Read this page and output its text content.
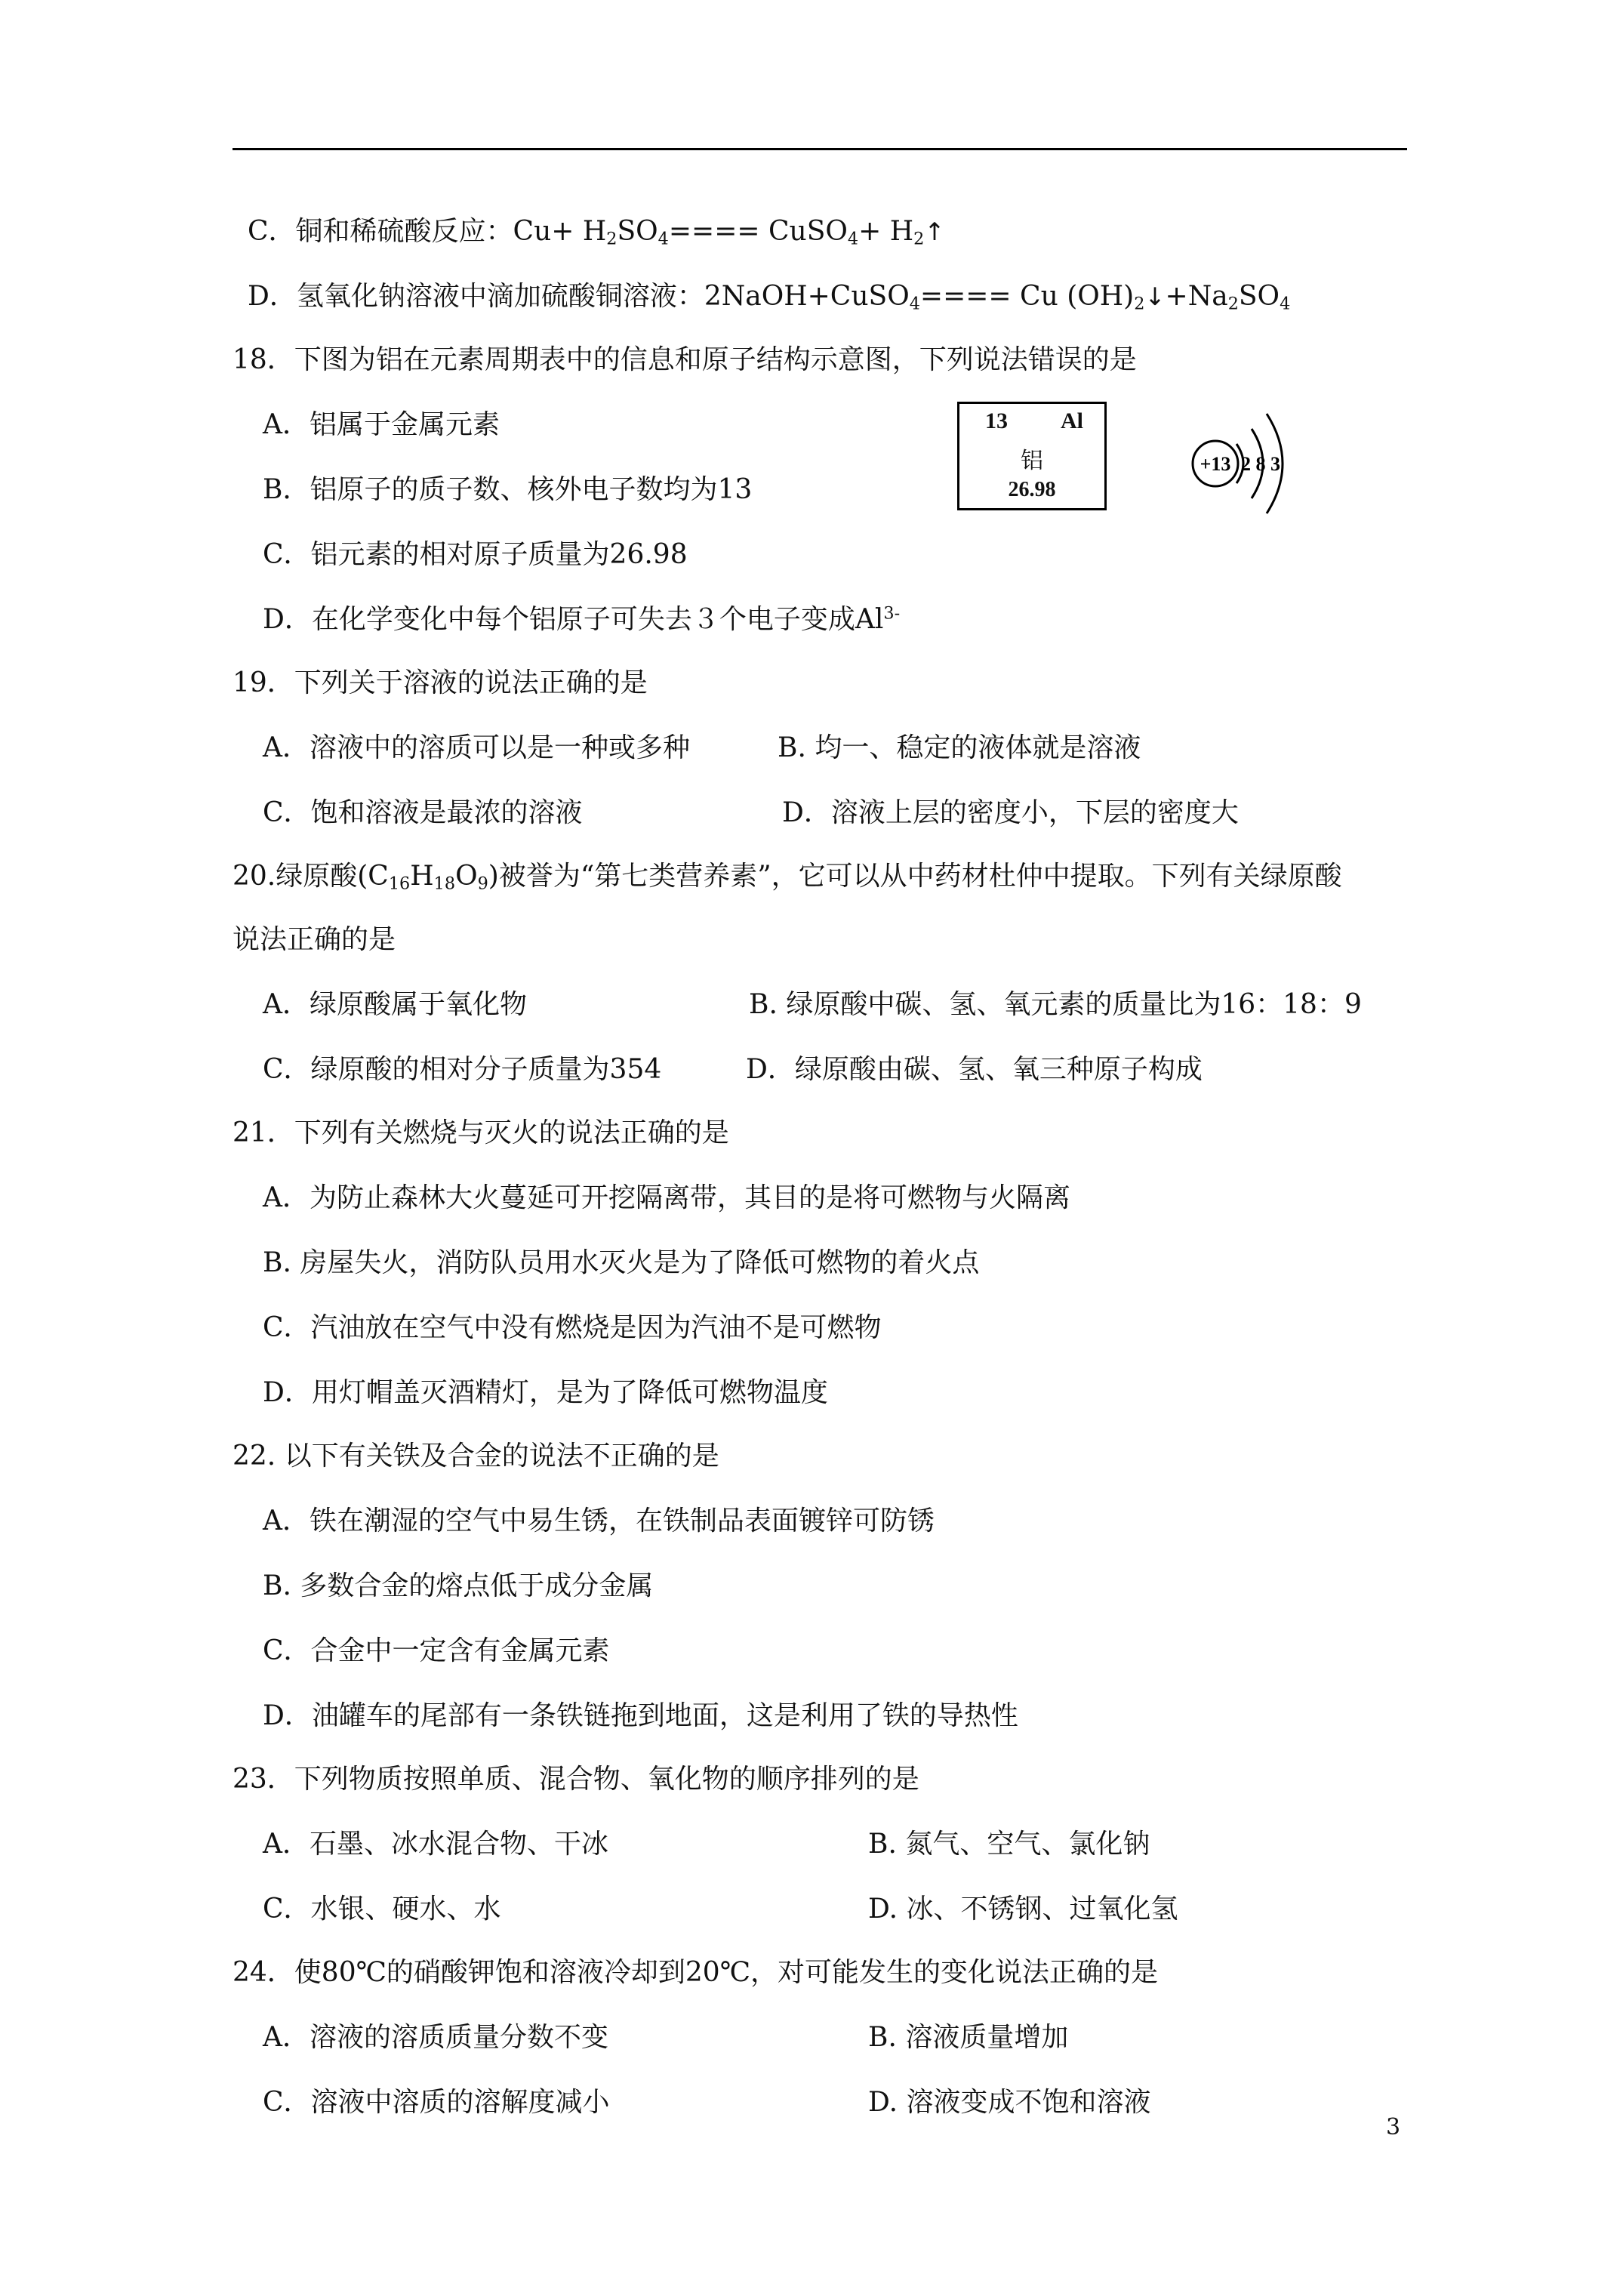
C．铜和稀硫酸反应：$Cu+ H_2SO_4====$ CuSO$_4$+ $H_2↑$
D．氢氧化钠溶液中滴加硫酸铜溶液：2NaOH+CuSO$_4$==== Cu $(OH)_2↓+Na_2SO_4$
18．下图为铝在元素周期表中的信息和原子结构示意图，下列说法错误的是
A．铝属于金属元素
B．铝原子的质子数、核外电子数均为13
C．铝元素的相对原子质量为26.98
D．在化学变化中每个铝原子可失去３个电子变成$Al^{3-}$
13 Al
铝
26.98
+13 2 8 3
19．下列关于溶液的说法正确的是
A．溶液中的溶质可以是一种或多种	B. 均一、稳定的液体就是溶液
C．饱和溶液是最浓的溶液	D．溶液上层的密度小，下层的密度大
20.绿原酸$(C_{16}H_{18}O_9)$被誉为“第七类营养素”，它可以从中药材杜仲中提取。下列有关绿原酸
说法正确的是
A．绿原酸属于氧化物	B. 绿原酸中碳、氢、氧元素的质量比为16：18：9
C．绿原酸的相对分子质量为354	D．绿原酸由碳、氢、氧三种原子构成
21．下列有关燃烧与灭火的说法正确的是
A．为防止森林大火蔓延可开挖隔离带，其目的是将可燃物与火隔离
B. 房屋失火，消防队员用水灭火是为了降低可燃物的着火点
C．汽油放在空气中没有燃烧是因为汽油不是可燃物
D．用灯帽盖灭酒精灯，是为了降低可燃物温度
22. 以下有关铁及合金的说法不正确的是
A．铁在潮湿的空气中易生锈，在铁制品表面镀锌可防锈
B. 多数合金的熔点低于成分金属
C．合金中一定含有金属元素
D．油罐车的尾部有一条铁链拖到地面，这是利用了铁的导热性
23．下列物质按照单质、混合物、氧化物的顺序排列的是
A．石墨、冰水混合物、干冰	B. 氮气、空气、氯化钠
C．水银、硬水、水	D. 冰、不锈钢、过氧化氢
24．使80℃的硝酸钾饱和溶液冷却到20℃，对可能发生的变化说法正确的是
A．溶液的溶质质量分数不变	B. 溶液质量增加
C．溶液中溶质的溶解度减小	D. 溶液变成不饱和溶液
3
